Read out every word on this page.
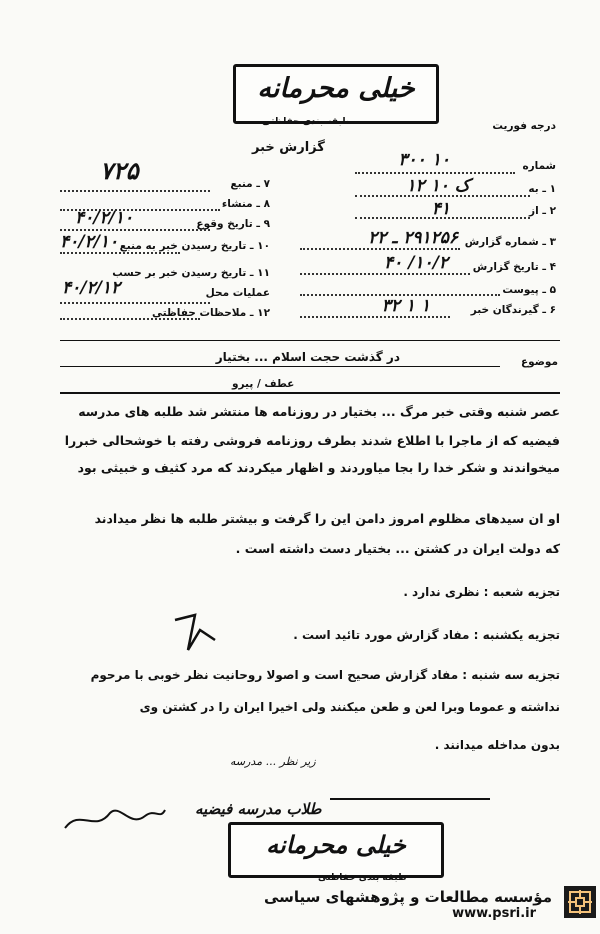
خیلی محرمانه
طبقه بندی حفاظتی	درجه فوریت
گزارش خبر
شماره
۱۰ ۳۰۰
۱ ـ به
ک ۱۰ ۱۲
۲ ـ از
۴۱
۳ ـ شماره گزارش
۲۹۱۲۵۶ ـ ۲۲
۴ ـ تاریخ گزارش
۱۰/۲/ ۴۰
۵ ـ پیوست
۶ ـ گیرندگان خبر
۱ ۱ ۳۲
۷ ـ منبع
۷۲۵
۸ ـ منشاء
۹ ـ تاریخ وقوع
۴۰/۲/۱۰
۱۰ ـ تاریخ رسیدن خبر به منبع
۴۰/۲/۱۰
۱۱ ـ تاریخ رسیدن خبر بر حسب عملیات محل
۴۰/۲/۱۲
۱۲ ـ ملاحظات حفاظتی
موضوع
در گذشت حجت اسلام ... بختیار
عطف / پیرو
عصر شنبه وقتی خبر مرگ ... بختیار در روزنامه ها منتشر شد طلبه های مدرسه
فیضیه که از ماجرا با اطلاع شدند بطرف روزنامه فروشی رفته با خوشحالی خبررا
میخواندند و شکر خدا را بجا میاوردند و اظهار میکردند که مرد کثیف و خبیثی بود
او ان سیدهای مظلوم امروز دامن این را گرفت و بیشتر طلبه ها نظر میدادند
که دولت ایران در کشتن ... بختیار دست داشته است .
تجزیه شعبه : نظری ندارد .
تجزیه یکشنبه : مفاد گزارش مورد تائید است .
تجزیه سه شنبه : مفاد گزارش صحیح است و اصولا روحانیت نظر خوبی با مرحوم
نداشته و عموما وبرا لعن و طعن میکنند ولی اخیرا ایران را در کشتن وی
بدون مداخله میدانند .
زیر نظر ... مدرسه
طلاب مدرسه فیضیه
خیلی محرمانه
طبقه بندی حفاظتی
مؤسسه مطالعات و پژوهشهای سیاسی
www.psri.ir
